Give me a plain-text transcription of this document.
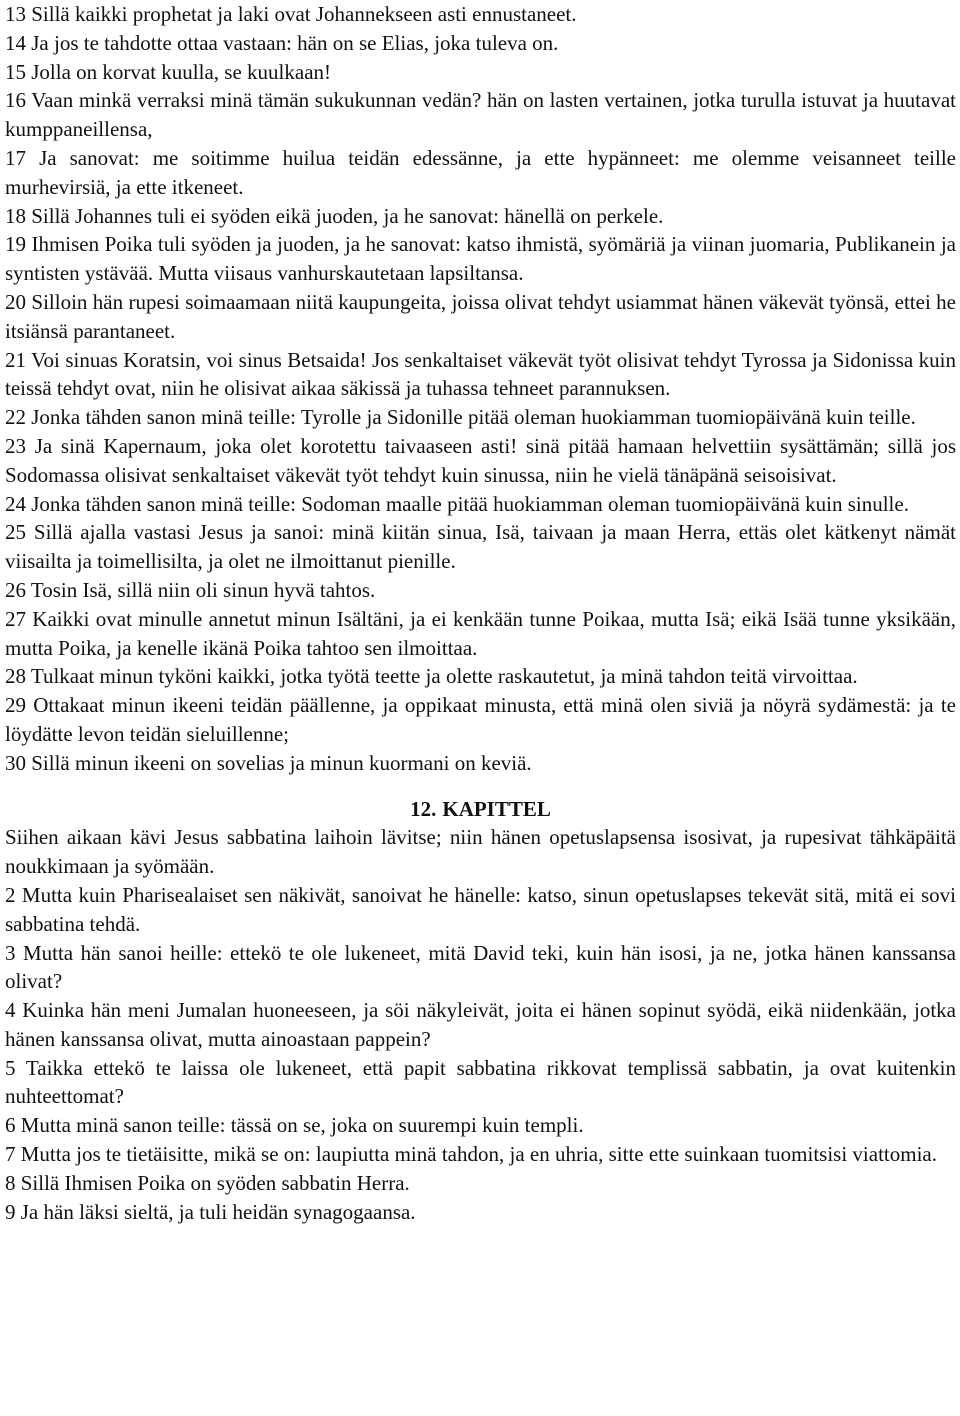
13 Sillä kaikki prophetat ja laki ovat Johannekseen asti ennustaneet.

14 Ja jos te tahdotte ottaa vastaan: hän on se Elias, joka tuleva on.

15 Jolla on korvat kuulla, se kuulkaan!

16 Vaan minkä verraksi minä tämän sukukunnan vedän? hän on lasten vertainen, jotka turulla istuvat ja huutavat kumppaneillensa,

17 Ja sanovat: me soitimme huilua teidän edessänne, ja ette hypänneet: me olemme veisanneet teille murhevirsiä, ja ette itkeneet.

18 Sillä Johannes tuli ei syöden eikä juoden, ja he sanovat: hänellä on perkele.

19 Ihmisen Poika tuli syöden ja juoden, ja he sanovat: katso ihmistä, syömäriä ja viinan juomaria, Publikanein ja syntisten ystävää. Mutta viisaus vanhurskautetaan lapsiltansa.

20 Silloin hän rupesi soimaamaan niitä kaupungeita, joissa olivat tehdyt usiammat hänen väkevät työnsä, ettei he itsiänsä parantaneet.

21 Voi sinuas Koratsin, voi sinus Betsaida! Jos senkaltaiset väkevät työt olisivat tehdyt Tyrossa ja Sidonissa kuin teissä tehdyt ovat, niin he olisivat aikaa säkissä ja tuhassa tehneet parannuksen.

22 Jonka tähden sanon minä teille: Tyrolle ja Sidonille pitää oleman huokiamman tuomiopäivänä kuin teille.

23 Ja sinä Kapernaum, joka olet korotettu taivaaseen asti! sinä pitää hamaan helvettiin sysättämän; sillä jos Sodomassa olisivat senkaltaiset väkevät työt tehdyt kuin sinussa, niin he vielä tänäpänä seisoisivat.

24 Jonka tähden sanon minä teille: Sodoman maalle pitää huokiamman oleman tuomiopäivänä kuin sinulle.

25 Sillä ajalla vastasi Jesus ja sanoi: minä kiitän sinua, Isä, taivaan ja maan Herra, ettäs olet kätkenyt nämät viisailta ja toimellisilta, ja olet ne ilmoittanut pienille.

26 Tosin Isä, sillä niin oli sinun hyvä tahtos.

27 Kaikki ovat minulle annetut minun Isältäni, ja ei kenkään tunne Poikaa, mutta Isä; eikä Isää tunne yksikään, mutta Poika, ja kenelle ikänä Poika tahtoo sen ilmoittaa.

28 Tulkaat minun tyköni kaikki, jotka työtä teette ja olette raskautetut, ja minä tahdon teitä virvoittaa.

29 Ottakaat minun ikeeni teidän päällenne, ja oppikaat minusta, että minä olen siviä ja nöyrä sydämestä: ja te löydätte levon teidän sieluillenne;

30 Sillä minun ikeeni on sovelias ja minun kuormani on keviä.

12. KAPITTEL

Siihen aikaan kävi Jesus sabbatina laihoin lävitse; niin hänen opetuslapsensa isosivat, ja rupesivat tähkäpäitä noukkimaan ja syömään.

2 Mutta kuin Pharisealaiset sen näkivät, sanoivat he hänelle: katso, sinun opetuslapses tekevät sitä, mitä ei sovi sabbatina tehdä.

3 Mutta hän sanoi heille: ettekö te ole lukeneet, mitä David teki, kuin hän isosi, ja ne, jotka hänen kanssansa olivat?

4 Kuinka hän meni Jumalan huoneeseen, ja söi näkyleivät, joita ei hänen sopinut syödä, eikä niidenkään, jotka hänen kanssansa olivat, mutta ainoastaan pappein?

5 Taikka ettekö te laissa ole lukeneet, että papit sabbatina rikkovat templissä sabbatin, ja ovat kuitenkin nuhteettomat?

6 Mutta minä sanon teille: tässä on se, joka on suurempi kuin templi.

7 Mutta jos te tietäisitte, mikä se on: laupiutta minä tahdon, ja en uhria, sitte ette suinkaan tuomitsisi viattomia.

8 Sillä Ihmisen Poika on syöden sabbatin Herra.

9 Ja hän läksi sieltä, ja tuli heidän synagogaansa.
